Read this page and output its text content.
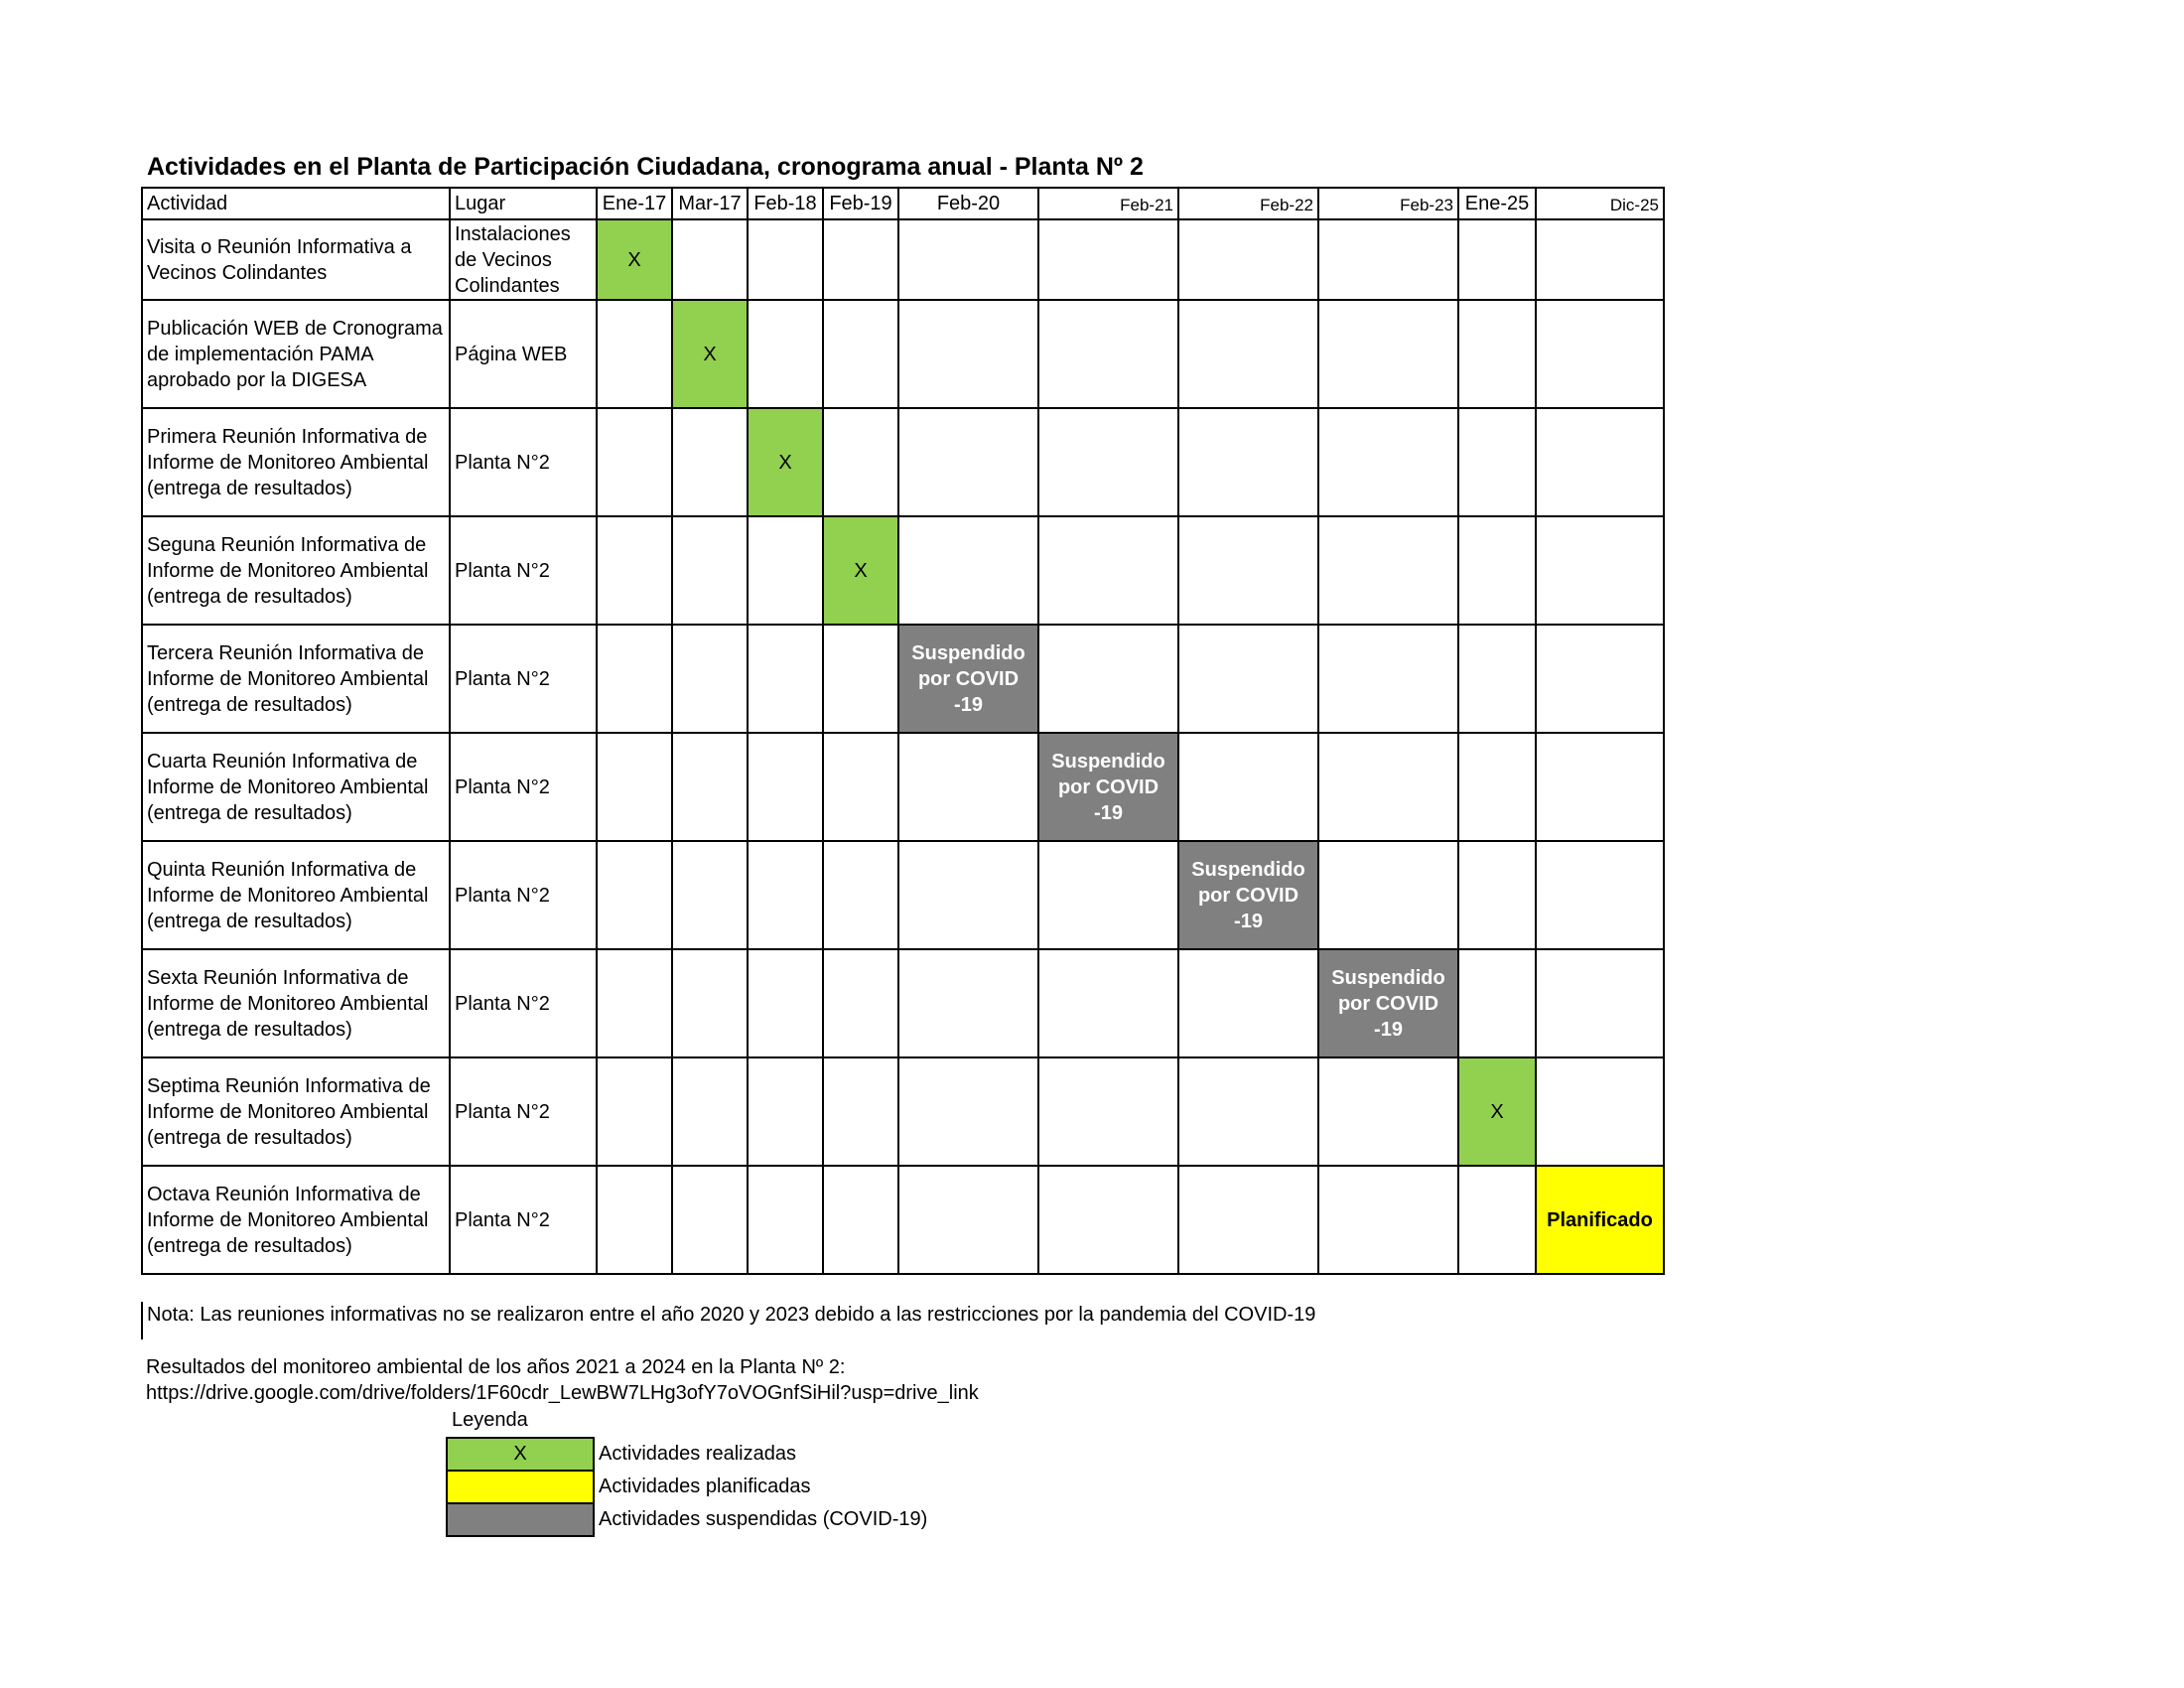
Actividades en el Planta de Participación Ciudadana, cronograma anual - Planta Nº 2
Actividad	Lugar	Ene-17	Mar-17	Feb-18	Feb-19	Feb-20	Feb-21	Feb-22	Feb-23	Ene-25	Dic-25
Visita o Reunión Informativa a Vecinos Colindantes	Instalaciones de Vecinos Colindantes	X									
Publicación WEB de Cronograma de implementación PAMA aprobado por la DIGESA	Página WEB		X								
Primera Reunión Informativa de Informe de Monitoreo Ambiental (entrega de resultados)	Planta N°2			X							
Seguna Reunión Informativa de Informe de Monitoreo Ambiental (entrega de resultados)	Planta N°2				X						
Tercera Reunión Informativa de Informe de Monitoreo Ambiental (entrega de resultados)	Planta N°2					Suspendido por COVID -19					
Cuarta Reunión Informativa de Informe de Monitoreo Ambiental (entrega de resultados)	Planta N°2						Suspendido por COVID -19				
Quinta Reunión Informativa de Informe de Monitoreo Ambiental (entrega de resultados)	Planta N°2							Suspendido por COVID -19			
Sexta Reunión Informativa de Informe de Monitoreo Ambiental (entrega de resultados)	Planta N°2								Suspendido por COVID -19		
Septima Reunión Informativa de Informe de Monitoreo Ambiental (entrega de resultados)	Planta N°2									X	
Octava Reunión Informativa de Informe de Monitoreo Ambiental (entrega de resultados)	Planta N°2										Planificado
Nota: Las reuniones informativas no se realizaron entre el año 2020 y 2023 debido a las restricciones por la pandemia del COVID-19
Resultados del monitoreo ambiental de los años 2021 a 2024 en la Planta Nº 2:
https://drive.google.com/drive/folders/1F60cdr_LewBW7LHg3ofY7oVOGnfSiHil?usp=drive_link
Leyenda
X	Actividades realizadas
	Actividades planificadas
	Actividades suspendidas (COVID-19)
